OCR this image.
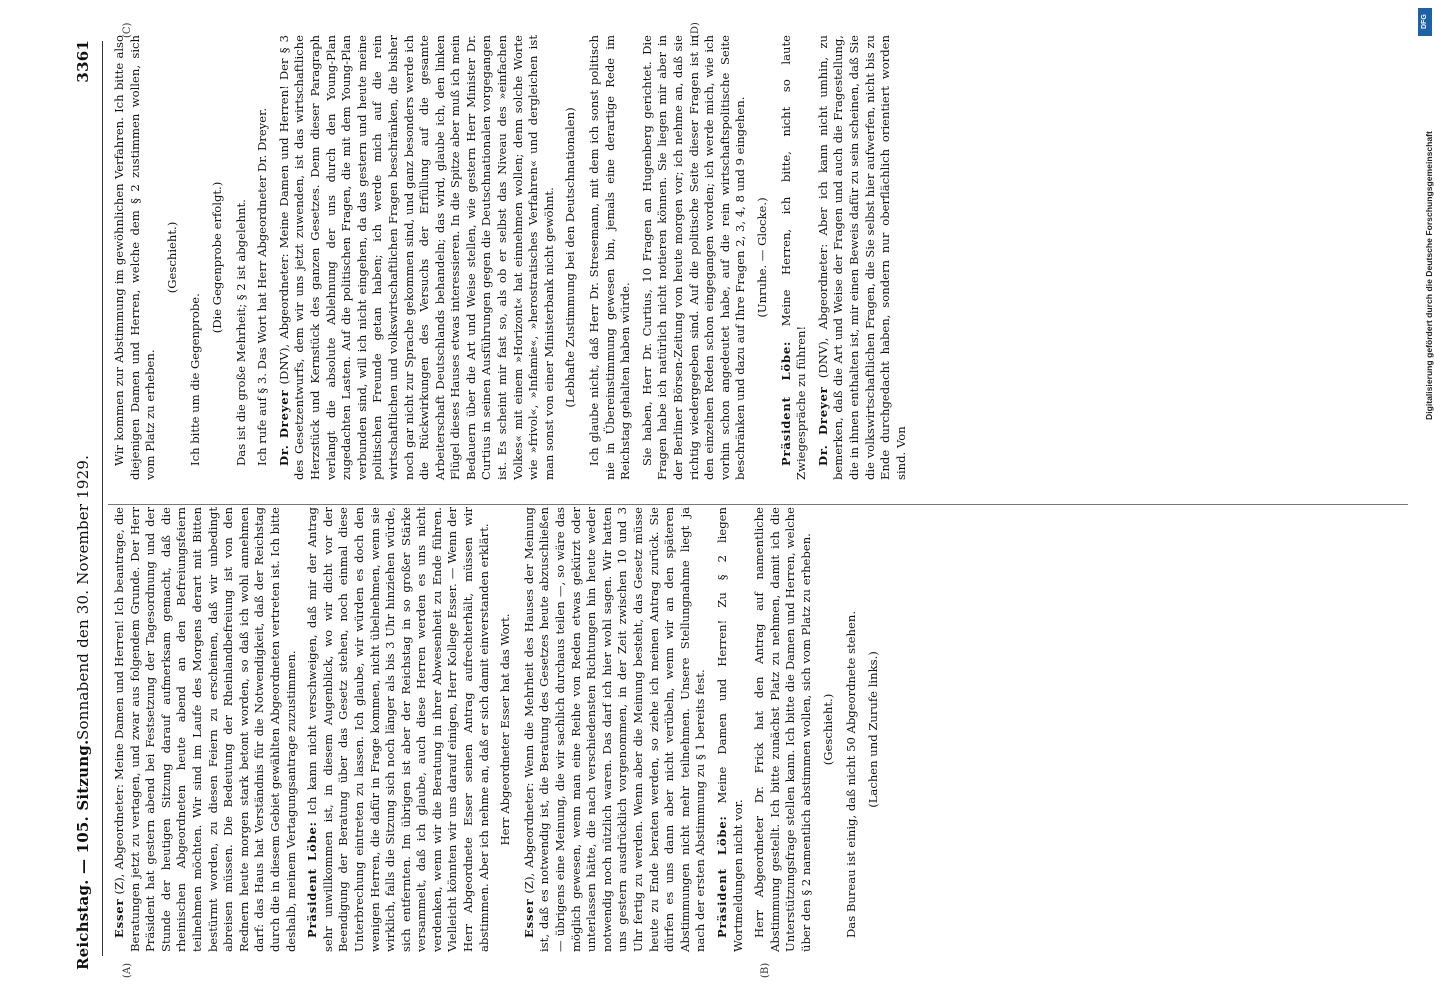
Reichstag. — 105. Sitzung.
Sonnabend den 30. November 1929.
3361
(A)	(B)
(C)	(D)

Esser (Z), Abgeordneter: Meine Damen und Herren! Ich beantrage, die Beratungen jetzt zu vertagen, und zwar aus folgendem Grunde. Der Herr Präsident hat gestern abend bei Festsetzung der Tagesordnung und der Stunde der heutigen Sitzung darauf aufmerksam gemacht, daß die rheinischen Abgeordneten heute abend an den Befreiungsfeiern teilnehmen möchten. Wir sind im Laufe des Morgens derart mit Bitten bestürmt worden, zu diesen Feiern zu erscheinen, daß wir unbedingt abreisen müssen. Die Bedeutung der Rheinlandbefreiung ist von den Rednern heute morgen stark betont worden, so daß ich wohl annehmen darf: das Haus hat Verständnis für die Notwendigkeit, daß der Reichstag durch die in diesem Gebiet gewählten Abgeordneten vertreten ist. Ich bitte deshalb, meinem Vertagungsantrage zuzustimmen. Präsident Löbe: Ich kann nicht verschweigen, daß mir der Antrag sehr unwillkommen ist, in diesem Augenblick, wo wir dicht vor der Beendigung der Beratung über das Gesetz stehen, noch einmal diese Unterbrechung eintreten zu lassen. Ich glaube, wir würden es doch den wenigen Herren, die dafür in Frage kommen, nicht übelnehmen, wenn sie wirklich, falls die Sitzung sich noch länger als bis 3 Uhr hinziehen würde, sich entfernten. Im übrigen ist aber der Reichstag in so großer Stärke versammelt, daß ich glaube, auch diese Herren werden es uns nicht verdenken, wenn wir die Beratung in ihrer Abwesenheit zu Ende führen. Vielleicht könnten wir uns darauf einigen, Herr Kollege Esser. — Wenn der Herr Abgeordnete Esser seinen Antrag aufrechterhält, müssen wir abstimmen. Aber ich nehme an, daß er sich damit einverstanden erklärt. Herr Abgeordneter Esser hat das Wort.

Esser (Z), Abgeordneter: Wenn die Mehrheit des Hauses der Meinung ist, daß es notwendig ist, die Beratung des Gesetzes heute abzuschließen — übrigens eine Meinung, die wir sachlich durchaus teilen —, so wäre das möglich gewesen, wenn man eine Reihe von Reden etwas gekürzt oder unterlassen hätte, die nach verschiedensten Richtungen hin heute weder notwendig noch nützlich waren. Das darf ich hier wohl sagen. Wir hatten uns gestern ausdrücklich vorgenommen, in der Zeit zwischen 10 und 3 Uhr fertig zu werden. Wenn aber die Meinung besteht, das Gesetz müsse heute zu Ende beraten werden, so ziehe ich meinen Antrag zurück. Sie dürfen es uns dann aber nicht verübeln, wenn wir an den späteren Abstimmungen nicht mehr teilnehmen. Unsere Stellungnahme liegt ja nach der ersten Abstimmung zu § 1 bereits fest. Präsident Löbe: Meine Damen und Herren! Zu § 2 liegen Wortmeldungen nicht vor. Herr Abgeordneter Dr. Frick hat den Antrag auf namentliche Abstimmung gestellt. Ich bitte zunächst Platz zu nehmen, damit ich die Unterstützungsfrage stellen kann. Ich bitte die Damen und Herren, welche über den § 2 namentlich abstimmen wollen, sich vom Platz zu erheben. (Geschieht.) Das Bureau ist einig, daß nicht 50 Abgeordnete stehen. (Lachen und Zurufe links.)

Wir kommen zur Abstimmung im gewöhnlichen Verfahren. Ich bitte also diejenigen Damen und Herren, welche dem § 2 zustimmen wollen, sich vom Platz zu erheben.

(Geschieht.)

Ich bitte um die Gegenprobe.

(Die Gegenprobe erfolgt.) Das ist die große Mehrheit; § 2 ist abgelehnt. Ich rufe auf § 3. Das Wort hat Herr Abgeordneter Dr. Dreyer. Dr. Dreyer (DNV), Abgeordneter: Meine Damen und Herren! Der § 3 des Gesetzentwurfs, dem wir uns jetzt zuwenden, ist das wirtschaftliche Herzstück und Kernstück des ganzen Gesetzes. Denn dieser Paragraph verlangt die absolute Ablehnung der uns durch den Young-Plan zugedachten Lasten. Auf die politischen Fragen, die mit dem Young-Plan verbunden sind, will ich nicht eingehen, da das gestern und heute meine politischen Freunde getan haben; ich werde mich auf die rein wirtschaftlichen und volkswirtschaftlichen Fragen beschränken, die bisher noch gar nicht zur Sprache gekommen sind, und ganz besonders werde ich die Rückwirkungen des Versuchs der Erfüllung auf die gesamte Arbeiterschaft Deutschlands behandeln; das wird, glaube ich, den linken Flügel dieses Hauses etwas interessieren. In die Spitze aber muß ich mein Bedauern über die Art und Weise stellen, wie gestern Herr Minister Dr. Curtius in seinen Ausführungen gegen die Deutschnationalen vorgegangen ist. Es scheint mir fast so, als ob er selbst das Niveau des »einfachen Volkes« mit einem »Horizont« hat einnehmen wollen; denn solche Worte wie »frivol«, »Infamie«, »herostratisches Verfahren« und dergleichen ist man sonst von einer Ministerbank nicht gewöhnt. (Lebhafte Zustimmung bei den Deutschnationalen) Ich glaube nicht, daß Herr Dr. Stresemann, mit dem ich sonst politisch nie in Übereinstimmung gewesen bin, jemals eine derartige Rede im Reichstag gehalten haben würde. Sie haben, Herr Dr. Curtius, 10 Fragen an Hugenberg gerichtet. Die Fragen habe ich natürlich nicht notieren können. Sie liegen mir aber in der Berliner Börsen-Zeitung von heute morgen vor; ich nehme an, daß sie richtig wiedergegeben sind. Auf die politische Seite dieser Fragen ist in den einzelnen Reden schon eingegangen worden; ich werde mich, wie ich vorhin schon angedeutet habe, auf die rein wirtschaftspolitische Seite beschränken und dazu auf Ihre Fragen 2, 3, 4, 8 und 9 eingehen. (Unruhe. — Glocke.)

Präsident Löbe: Meine Herren, ich bitte, nicht so laute Zwiegespräche zu führen! Dr. Dreyer (DNV), Abgeordneter: Aber ich kann nicht umhin, zu bemerken, daß die Art und Weise der Fragen und auch die Fragestellung, die in ihnen enthalten ist, mir einen Beweis dafür zu sein scheinen, daß Sie die volkswirtschaftlichen Fragen, die Sie selbst hier aufwerfen, nicht bis zu Ende durchgedacht haben, sondern nur oberflächlich orientiert worden sind. Von

DFG
Digitalisierung gefördert durch die Deutsche Forschungsgemeinschaft
